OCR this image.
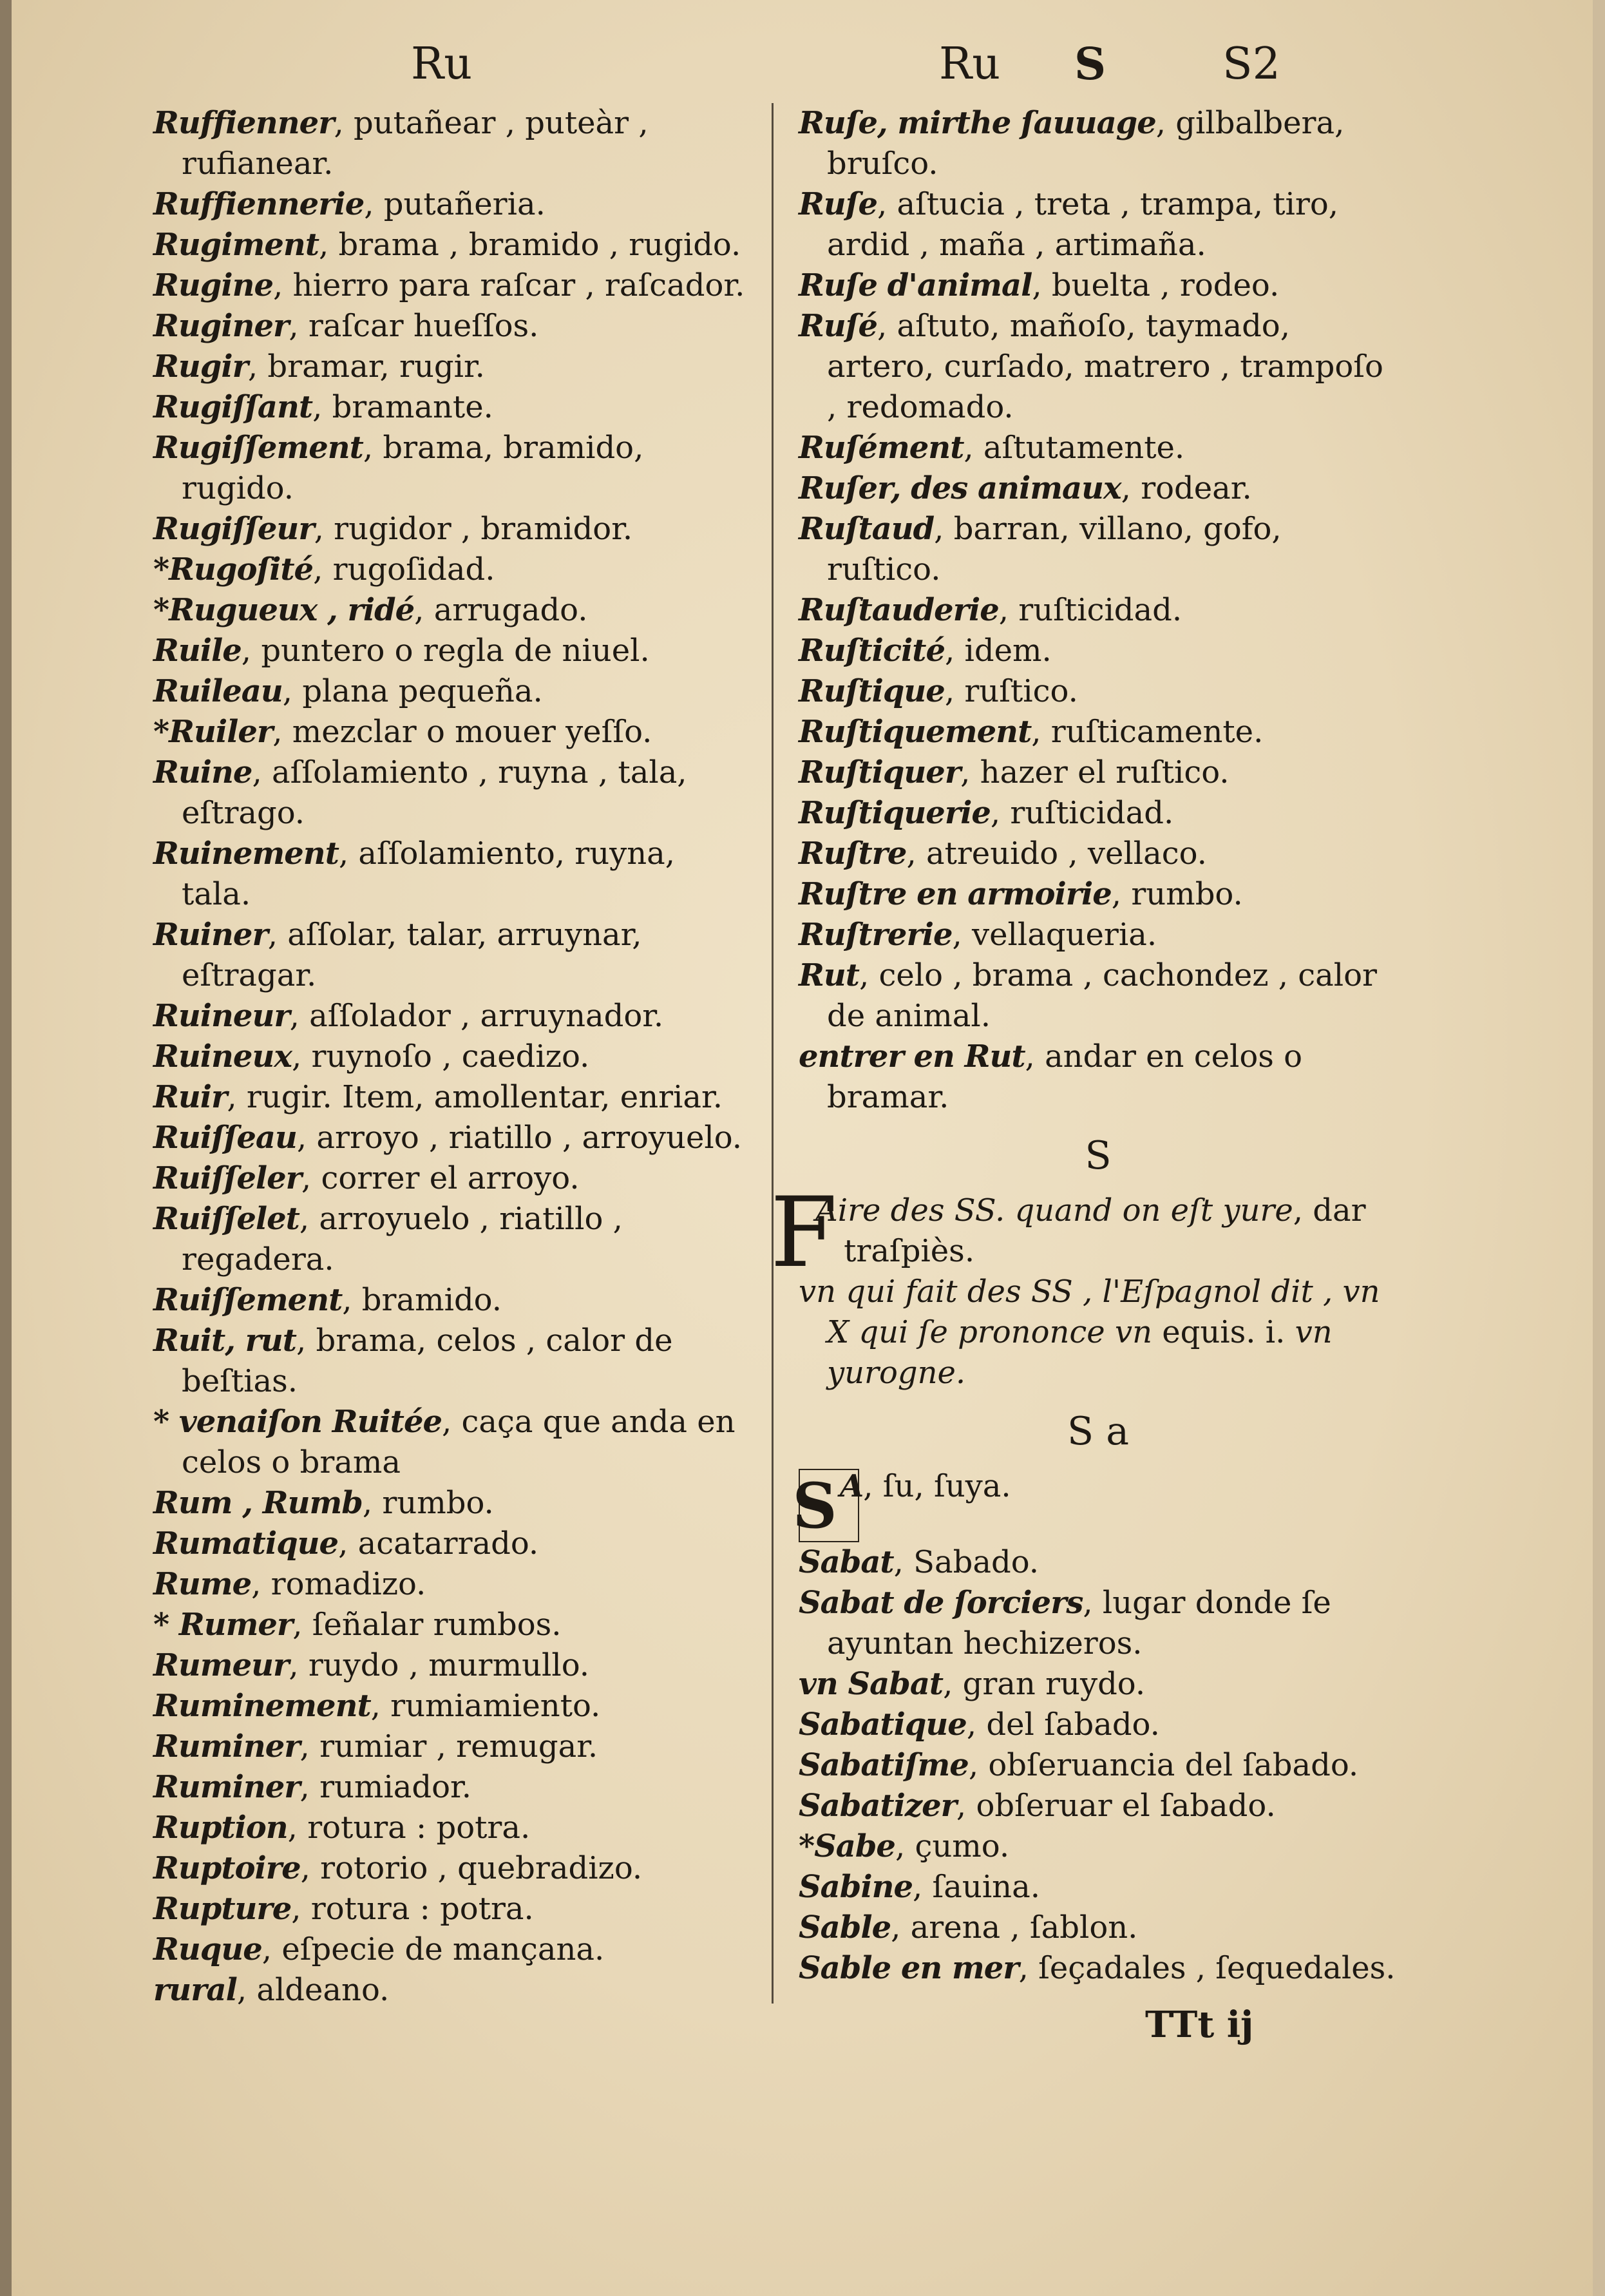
Ru	Ru S	S2

Ruffienner, putañear , puteàr , rufianear.

Ruffiennerie, putañeria.

Rugiment, brama , bramido , rugido.

Rugine, hierro para raſcar , raſcador.

Ruginer, raſcar hueſſos.

Rugir, bramar, rugir.

Rugiſſant, bramante.

Rugiſſement, brama, bramido, rugido.

Rugiſſeur, rugidor , bramidor.

*Rugoſité, rugoſidad.

*Rugueux , ridé, arrugado.

Ruile, puntero o regla de niuel.

Ruileau, plana pequeña.

*Ruiler, mezclar o mouer yeſſo.

Ruine, aſſolamiento , ruyna , tala, eſtrago.

Ruinement, aſſolamiento, ruyna, tala.

Ruiner, aſſolar, talar, arruynar, eſtragar.

Ruineur, aſſolador , arruynador.

Ruineux, ruynoſo , caedizo.

Ruir, rugir. Item, amollentar, enriar.

Ruiſſeau, arroyo , riatillo , arroyuelo.

Ruiſſeler, correr el arroyo.

Ruiſſelet, arroyuelo , riatillo , regadera.

Ruiſſement, bramido.

Ruit, rut, brama, celos , calor de beſtias.

* venaiſon Ruitée, caça que anda en celos o brama

Rum , Rumb, rumbo.

Rumatique, acatarrado.

Rume, romadizo.

* Rumer, ſeñalar rumbos.

Rumeur, ruydo , murmullo.

Ruminement, rumiamiento.

Ruminer, rumiar , remugar.

Ruminer, rumiador.

Ruption, rotura : potra.

Ruptoire, rotorio , quebradizo.

Rupture, rotura : potra.

Ruque, eſpecie de mançana.

rural, aldeano.

Ruſe, mirthe ſauuage, gilbalbera, bruſco.

Ruſe, aſtucia , treta , trampa, tiro, ardid , maña , artimaña.

Ruſe d'animal, buelta , rodeo.

Ruſé, aſtuto, mañoſo, taymado, artero, curſado, matrero , trampoſo , redomado.

Ruſément, aſtutamente.

Ruſer, des animaux, rodear.

Ruſtaud, barran, villano, gofo, ruſtico.

Ruſtauderie, ruſticidad.

Ruſticité, idem.

Ruſtique, ruſtico.

Ruſtiquement, ruſticamente.

Ruſtiquer, hazer el ruſtico.

Ruſtiquerie, ruſticidad.

Ruſtre, atreuido , vellaco.

Ruſtre en armoirie, rumbo.

Ruſtrerie, vellaqueria.

Rut, celo , brama , cachondez , calor de animal.

entrer en Rut, andar en celos o bramar.

S

F
Aire des SS. quand on eſt yure, dar traſpiès.

vn qui fait des SS , l'Eſpagnol dit , vn X qui ſe prononce vn equis. i. vn yurogne.

S a

S A, ſu, ſuya.

Sabat, Sabado.

Sabat de ſorciers, lugar donde ſe ayuntan hechizeros.

vn Sabat, gran ruydo.

Sabatique, del ſabado.

Sabatiſme, obſeruancia del ſabado.

Sabatizer, obſeruar el ſabado.

*Sabe, çumo.

Sabine, ſauina.

Sable, arena , ſablon.

Sable en mer, ſeçadales , ſequedales.

TTt ij
